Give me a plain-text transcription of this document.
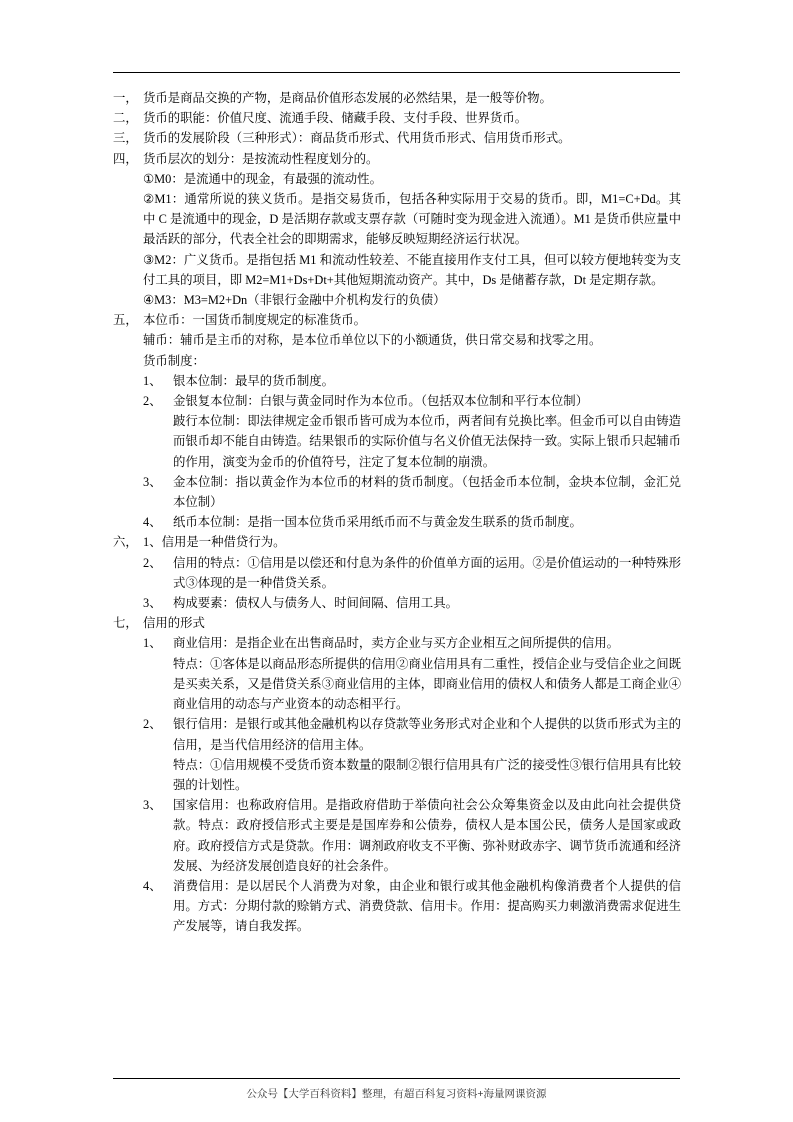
一， 货币是商品交换的产物，是商品价值形态发展的必然结果，是一般等价物。
二， 货币的职能：价值尺度、流通手段、储藏手段、支付手段、世界货币。
三， 货币的发展阶段（三种形式）：商品货币形式、代用货币形式、信用货币形式。
四， 货币层次的划分：是按流动性程度划分的。
①M0：是流通中的现金，有最强的流动性。
②M1：通常所说的狭义货币。是指交易货币，包括各种实际用于交易的货币。即，M1=C+Dd。其中 C 是流通中的现金，D 是活期存款或支票存款（可随时变为现金进入流通）。M1 是货币供应量中最活跃的部分，代表全社会的即期需求，能够反映短期经济运行状况。
③M2：广义货币。是指包括 M1 和流动性较差、不能直接用作支付工具，但可以较方便地转变为支付工具的项目，即 M2=M1+Ds+Dt+其他短期流动资产。其中，Ds 是储蓄存款，Dt 是定期存款。
④M3：M3=M2+Dn（非银行金融中介机构发行的负债）
五， 本位币：一国货币制度规定的标准货币。
辅币：辅币是主币的对称，是本位币单位以下的小额通货，供日常交易和找零之用。
货币制度：
1、 银本位制：最早的货币制度。
2、 金银复本位制：白银与黄金同时作为本位币。（包括双本位制和平行本位制）
跛行本位制：即法律规定金币银币皆可成为本位币，两者间有兑换比率。但金币可以自由铸造而银币却不能自由铸造。结果银币的实际价值与名义价值无法保持一致。实际上银币只起辅币的作用，演变为金币的价值符号，注定了复本位制的崩溃。
3、 金本位制：指以黄金作为本位币的材料的货币制度。（包括金币本位制，金块本位制，金汇兑本位制）
4、 纸币本位制：是指一国本位货币采用纸币而不与黄金发生联系的货币制度。
六， 1、信用是一种借贷行为。
2、 信用的特点：①信用是以偿还和付息为条件的价值单方面的运用。②是价值运动的一种特殊形式③体现的是一种借贷关系。
3、 构成要素：债权人与债务人、时间间隔、信用工具。
七， 信用的形式
1、 商业信用：是指企业在出售商品时，卖方企业与买方企业相互之间所提供的信用。
特点：①客体是以商品形态所提供的信用②商业信用具有二重性，授信企业与受信企业之间既是买卖关系，又是借贷关系③商业信用的主体，即商业信用的债权人和债务人都是工商企业④商业信用的动态与产业资本的动态相平行。
2、 银行信用：是银行或其他金融机构以存贷款等业务形式对企业和个人提供的以货币形式为主的信用，是当代信用经济的信用主体。
特点：①信用规模不受货币资本数量的限制②银行信用具有广泛的接受性③银行信用具有比较强的计划性。
3、 国家信用：也称政府信用。是指政府借助于举债向社会公众筹集资金以及由此向社会提供贷款。特点：政府授信形式主要是是国库券和公债券，债权人是本国公民，债务人是国家或政府。政府授信方式是贷款。作用：调剂政府收支不平衡、弥补财政赤字、调节货币流通和经济发展、为经济发展创造良好的社会条件。
4、 消费信用：是以居民个人消费为对象，由企业和银行或其他金融机构像消费者个人提供的信用。方式：分期付款的赊销方式、消费贷款、信用卡。作用：提高购买力刺激消费需求促进生产发展等，请自我发挥。
公众号【大学百科资料】整理，有超百科复习资料+海量网课资源
